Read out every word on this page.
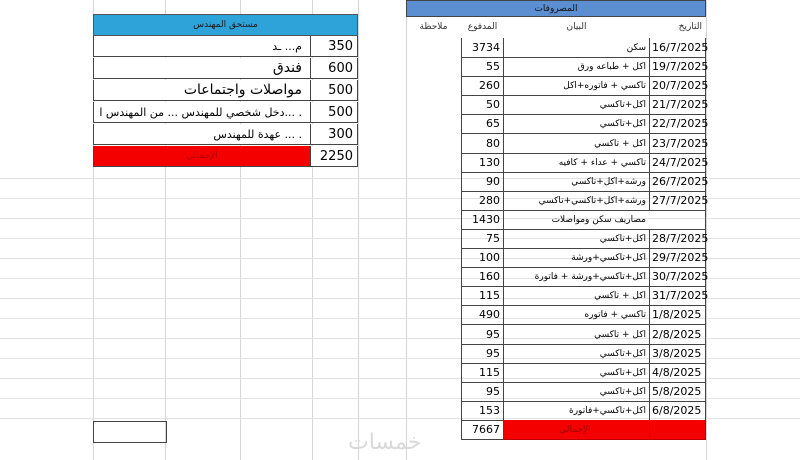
مستحق المهندس
م... ـد	350
فندق	600
مواصلات واجتماعات	500
دخل شخصي للمهندس ... من المهندس ا... .	500
عهدة للمهندس ... .	300
الإجمالي	2250
المصروفات
ملاحظة	المدفوع	البيان	التاريخ
3734	سكن 16/7/2025
55	اكل + طباعه ورق 19/7/2025
260	تاكسي + فاتوره+اكل 20/7/2025
50	اكل+تاكسي 21/7/2025
65	اكل+تاكسي 22/7/2025
80	اكل + تاكسي 23/7/2025
130	تاكسي + عداء + كافيه 24/7/2025
90	ورشه+اكل+تاكسي 26/7/2025
280	ورشه+اكل+تاكسي+تاكسي 27/7/2025
1430	مصاريف سكن ومواصلات
75	اكل+تاكسي 28/7/2025
100	اكل+تاكسي+ورشة 29/7/2025
160	اكل+تاكسي+ورشة + فاتورة 30/7/2025
115	اكل + تاكسي 31/7/2025
490	تاكسي + فاتوره 1/8/2025
95	اكل + تاكسي 2/8/2025
95	اكل+تاكسي 3/8/2025
115	اكل+تاكسي 4/8/2025
95	اكل+تاكسي 5/8/2025
153	اكل+تاكسي+فاتورة 6/8/2025
7667	الإجمالي
خمسات
